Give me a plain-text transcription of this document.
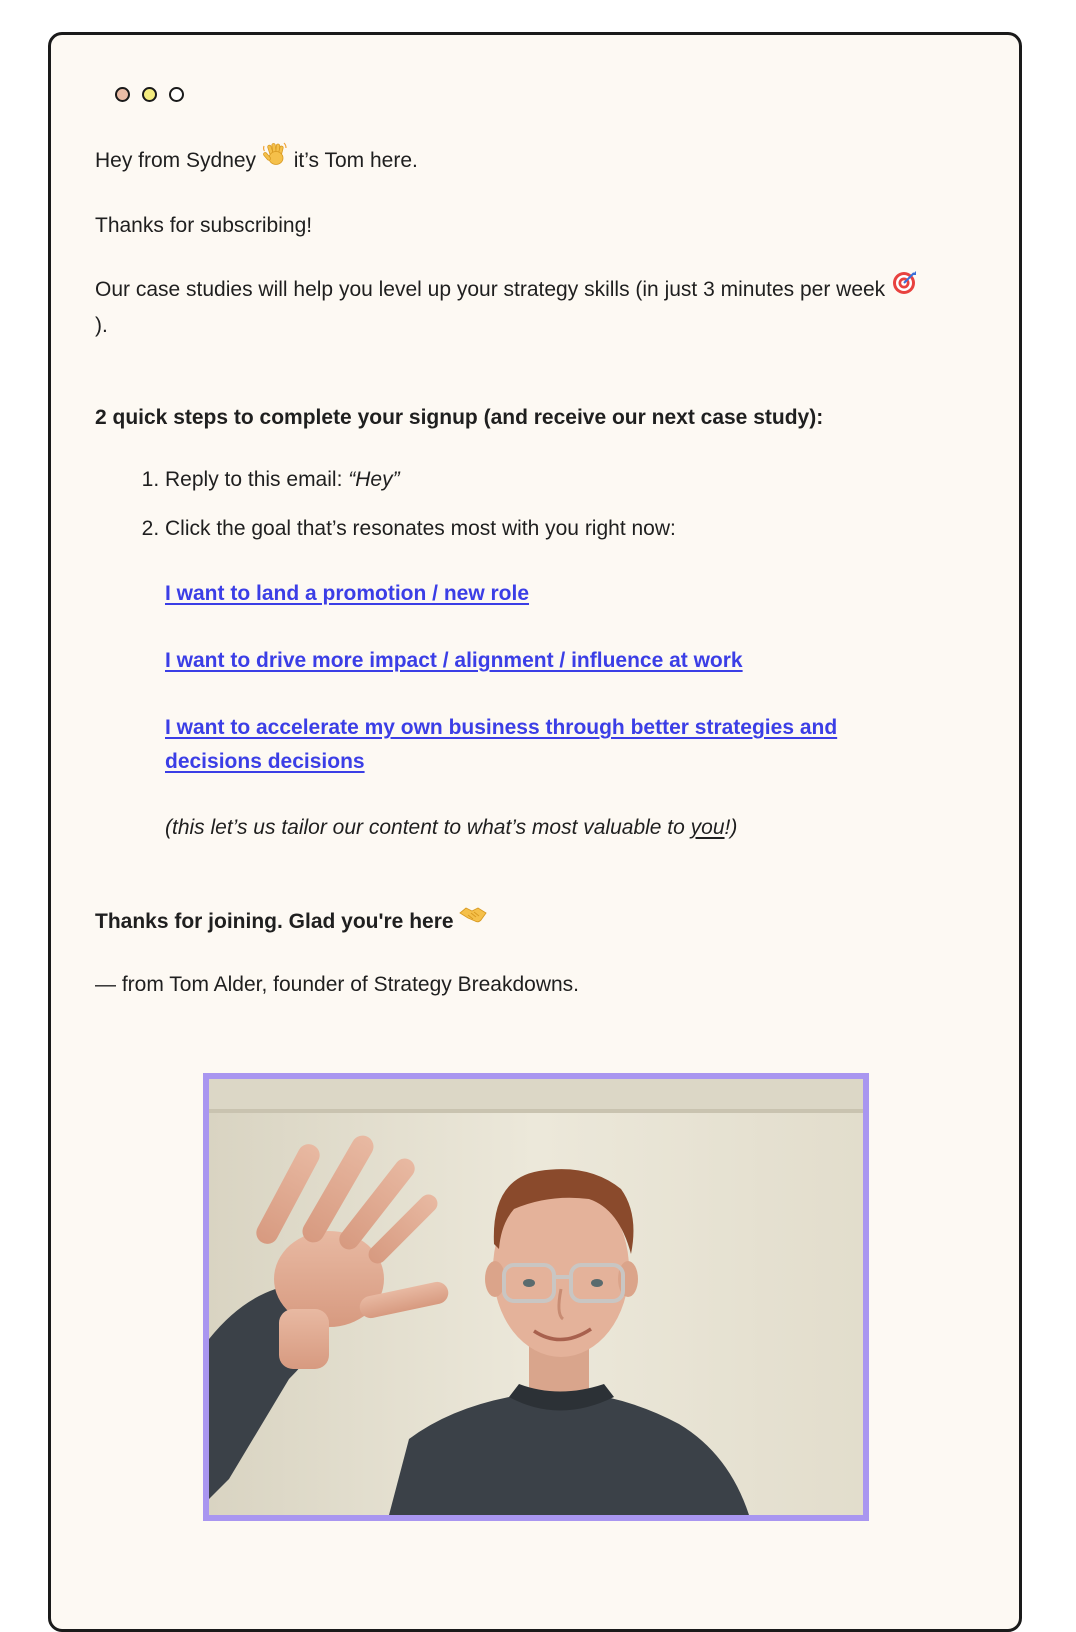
Hey from Sydney it’s Tom here.

Thanks for subscribing!

Our case studies will help you level up your strategy skills (in just 3 minutes per week
).

2 quick steps to complete your signup (and receive our next case study):

1. Reply to this email: “Hey”
2. Click the goal that’s resonates most with you right now:
I want to land a promotion / new role
I want to drive more impact / alignment / influence at work
I want to accelerate my own business through better strategies and decisions decisions

(this let’s us tailor our content to what’s most valuable to you!)

Thanks for joining. Glad you're here

— from Tom Alder, founder of Strategy Breakdowns.
